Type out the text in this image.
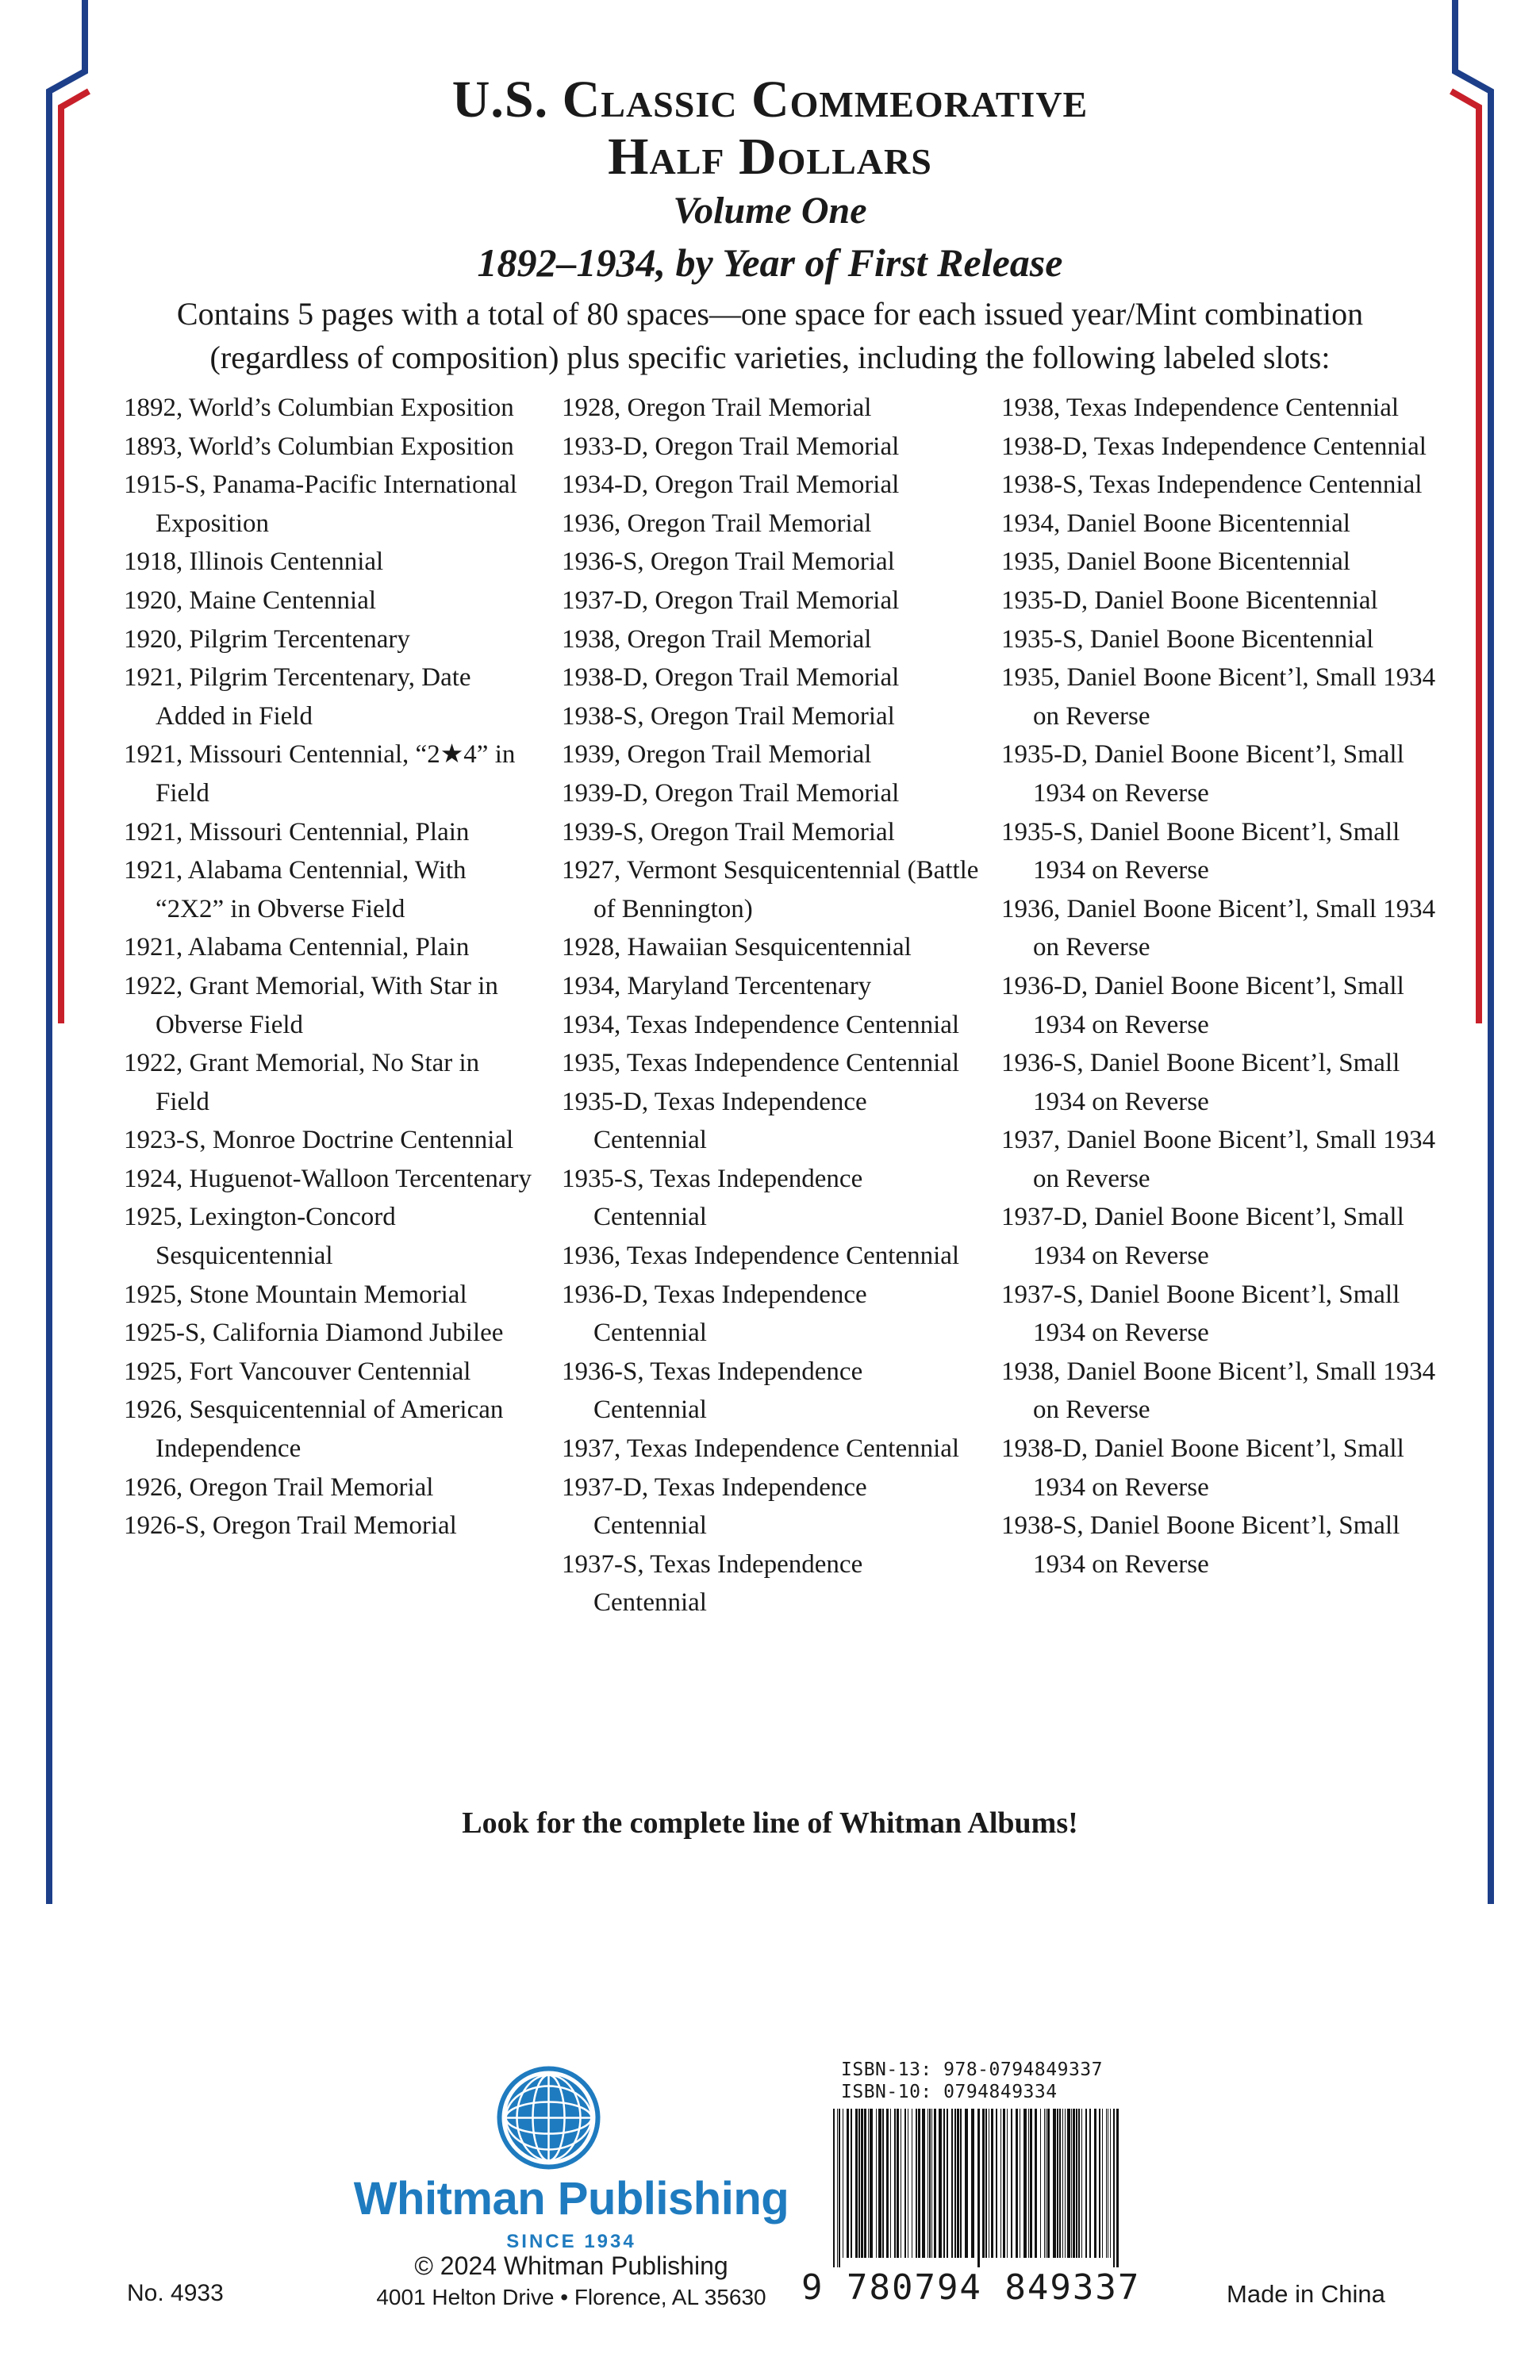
U.S. Classic Commeorative
Half Dollars
Volume One
1892–1934, by Year of First Release
Contains 5 pages with a total of 80 spaces—one space for each issued year/Mint combination (regardless of composition) plus specific varieties, including the following labeled slots:
1892, World’s Columbian Exposition
1893, World’s Columbian Exposition
1915-S, Panama-Pacific International Exposition
1918, Illinois Centennial
1920, Maine Centennial
1920, Pilgrim Tercentenary
1921, Pilgrim Tercentenary, Date Added in Field
1921, Missouri Centennial, “2★4” in Field
1921, Missouri Centennial, Plain
1921, Alabama Centennial, With “2X2” in Obverse Field
1921, Alabama Centennial, Plain
1922, Grant Memorial, With Star in Obverse Field
1922, Grant Memorial, No Star in Field
1923-S, Monroe Doctrine Centennial
1924, Huguenot-Walloon Tercentenary
1925, Lexington-Concord Sesquicentennial
1925, Stone Mountain Memorial
1925-S, California Diamond Jubilee
1925, Fort Vancouver Centennial
1926, Sesquicentennial of American Independence
1926, Oregon Trail Memorial
1926-S, Oregon Trail Memorial
1928, Oregon Trail Memorial
1933-D, Oregon Trail Memorial
1934-D, Oregon Trail Memorial
1936, Oregon Trail Memorial
1936-S, Oregon Trail Memorial
1937-D, Oregon Trail Memorial
1938, Oregon Trail Memorial
1938-D, Oregon Trail Memorial
1938-S, Oregon Trail Memorial
1939, Oregon Trail Memorial
1939-D, Oregon Trail Memorial
1939-S, Oregon Trail Memorial
1927, Vermont Sesquicentennial (Battle of Bennington)
1928, Hawaiian Sesquicentennial
1934, Maryland Tercentenary
1934, Texas Independence Centennial
1935, Texas Independence Centennial
1935-D, Texas Independence Centennial
1935-S, Texas Independence Centennial
1936, Texas Independence Centennial
1936-D, Texas Independence Centennial
1936-S, Texas Independence Centennial
1937, Texas Independence Centennial
1937-D, Texas Independence Centennial
1937-S, Texas Independence Centennial
1938, Texas Independence Centennial
1938-D, Texas Independence Centennial
1938-S, Texas Independence Centennial
1934, Daniel Boone Bicentennial
1935, Daniel Boone Bicentennial
1935-D, Daniel Boone Bicentennial
1935-S, Daniel Boone Bicentennial
1935, Daniel Boone Bicent’l, Small 1934 on Reverse
1935-D, Daniel Boone Bicent’l, Small 1934 on Reverse
1935-S, Daniel Boone Bicent’l, Small 1934 on Reverse
1936, Daniel Boone Bicent’l, Small 1934 on Reverse
1936-D, Daniel Boone Bicent’l, Small 1934 on Reverse
1936-S, Daniel Boone Bicent’l, Small 1934 on Reverse
1937, Daniel Boone Bicent’l, Small 1934 on Reverse
1937-D, Daniel Boone Bicent’l, Small 1934 on Reverse
1937-S, Daniel Boone Bicent’l, Small 1934 on Reverse
1938, Daniel Boone Bicent’l, Small 1934 on Reverse
1938-D, Daniel Boone Bicent’l, Small 1934 on Reverse
1938-S, Daniel Boone Bicent’l, Small 1934 on Reverse
Look for the complete line of Whitman Albums!
Whitman Publishing
SINCE 1934
© 2024 Whitman Publishing
4001 Helton Drive • Florence, AL 35630
No. 4933	Made in China
ISBN-13: 978-0794849337
ISBN-10: 0794849334
9 780794 849337
